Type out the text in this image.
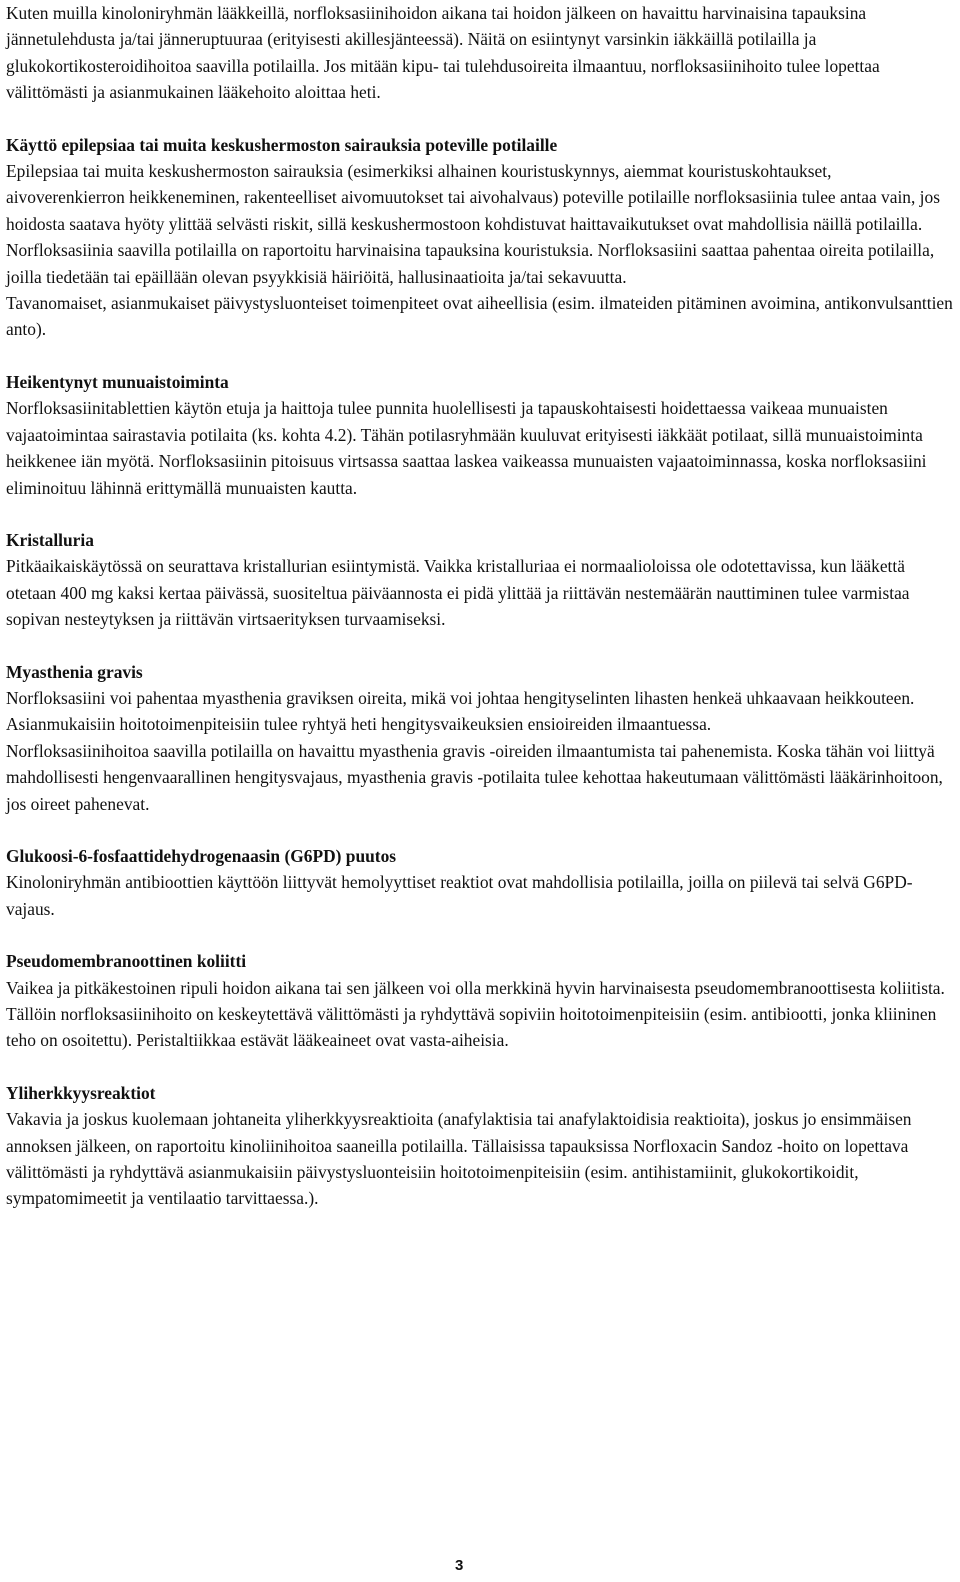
Kuten muilla kinoloniryhmän lääkkeillä, norfloksasiinihoidon aikana tai hoidon jälkeen on havaittu harvinaisina tapauksina jännetulehdusta ja/tai jänneruptuuraa (erityisesti akillesjänteessä). Näitä on esiintynyt varsinkin iäkkäillä potilailla ja glukokortikosteroidihoitoa saavilla potilailla. Jos mitään kipu- tai tulehdusoireita ilmaantuu, norfloksasiinihoito tulee lopettaa välittömästi ja asianmukainen lääkehoito aloittaa heti.

Käyttö epilepsiaa tai muita keskushermoston sairauksia poteville potilaille

Epilepsiaa tai muita keskushermoston sairauksia (esimerkiksi alhainen kouristuskynnys, aiemmat kouristuskohtaukset, aivoverenkierron heikkeneminen, rakenteelliset aivomuutokset tai aivohalvaus) poteville potilaille norfloksasiinia tulee antaa vain, jos hoidosta saatava hyöty ylittää selvästi riskit, sillä keskushermostoon kohdistuvat haittavaikutukset ovat mahdollisia näillä potilailla.

Norfloksasiinia saavilla potilailla on raportoitu harvinaisina tapauksina kouristuksia. Norfloksasiini saattaa pahentaa oireita potilailla, joilla tiedetään tai epäillään olevan psyykkisiä häiriöitä, hallusinaatioita ja/tai sekavuutta.

Tavanomaiset, asianmukaiset päivystysluonteiset toimenpiteet ovat aiheellisia (esim. ilmateiden pitäminen avoimina, antikonvulsanttien anto).

Heikentynyt munuaistoiminta

Norfloksasiinitablettien käytön etuja ja haittoja tulee punnita huolellisesti ja tapauskohtaisesti hoidettaessa vaikeaa munuaisten vajaatoimintaa sairastavia potilaita (ks. kohta 4.2). Tähän potilasryhmään kuuluvat erityisesti iäkkäät potilaat, sillä munuaistoiminta heikkenee iän myötä. Norfloksasiinin pitoisuus virtsassa saattaa laskea vaikeassa munuaisten vajaatoiminnassa, koska norfloksasiini eliminoituu lähinnä erittymällä munuaisten kautta.

Kristalluria

Pitkäaikaiskäytössä on seurattava kristallurian esiintymistä. Vaikka kristalluriaa ei normaalioloissa ole odotettavissa, kun lääkettä otetaan 400 mg kaksi kertaa päivässä, suositeltua päiväannosta ei pidä ylittää ja riittävän nestemäärän nauttiminen tulee varmistaa sopivan nesteytyksen ja riittävän virtsaerityksen turvaamiseksi.

Myasthenia gravis

Norfloksasiini voi pahentaa myasthenia graviksen oireita, mikä voi johtaa hengityselinten lihasten henkeä uhkaavaan heikkouteen. Asianmukaisiin hoitotoimenpiteisiin tulee ryhtyä heti hengitysvaikeuksien ensioireiden ilmaantuessa.

Norfloksasiinihoitoa saavilla potilailla on havaittu myasthenia gravis -oireiden ilmaantumista tai pahenemista. Koska tähän voi liittyä mahdollisesti hengenvaarallinen hengitysvajaus, myasthenia gravis -potilaita tulee kehottaa hakeutumaan välittömästi lääkärinhoitoon, jos oireet pahenevat.

Glukoosi-6-fosfaattidehydrogenaasin (G6PD) puutos

Kinoloniryhmän antibioottien käyttöön liittyvät hemolyyttiset reaktiot ovat mahdollisia potilailla, joilla on piilevä tai selvä G6PD-vajaus.

Pseudomembranoottinen koliitti

Vaikea ja pitkäkestoinen ripuli hoidon aikana tai sen jälkeen voi olla merkkinä hyvin harvinaisesta pseudomembranoottisesta koliitista. Tällöin norfloksasiinihoito on keskeytettävä välittömästi ja ryhdyttävä sopiviin hoitotoimenpiteisiin (esim. antibiootti, jonka kliininen teho on osoitettu). Peristaltiikkaa estävät lääkeaineet ovat vasta-aiheisia.

Yliherkkyysreaktiot

Vakavia ja joskus kuolemaan johtaneita yliherkkyysreaktioita (anafylaktisia tai anafylaktoidisia reaktioita), joskus jo ensimmäisen annoksen jälkeen, on raportoitu kinoliinihoitoa saaneilla potilailla. Tällaisissa tapauksissa Norfloxacin Sandoz -hoito on lopettava välittömästi ja ryhdyttävä asianmukaisiin päivystysluonteisiin hoitotoimenpiteisiin (esim. antihistamiinit, glukokortikoidit, sympatomimeetit ja ventilaatio tarvittaessa.).

3
